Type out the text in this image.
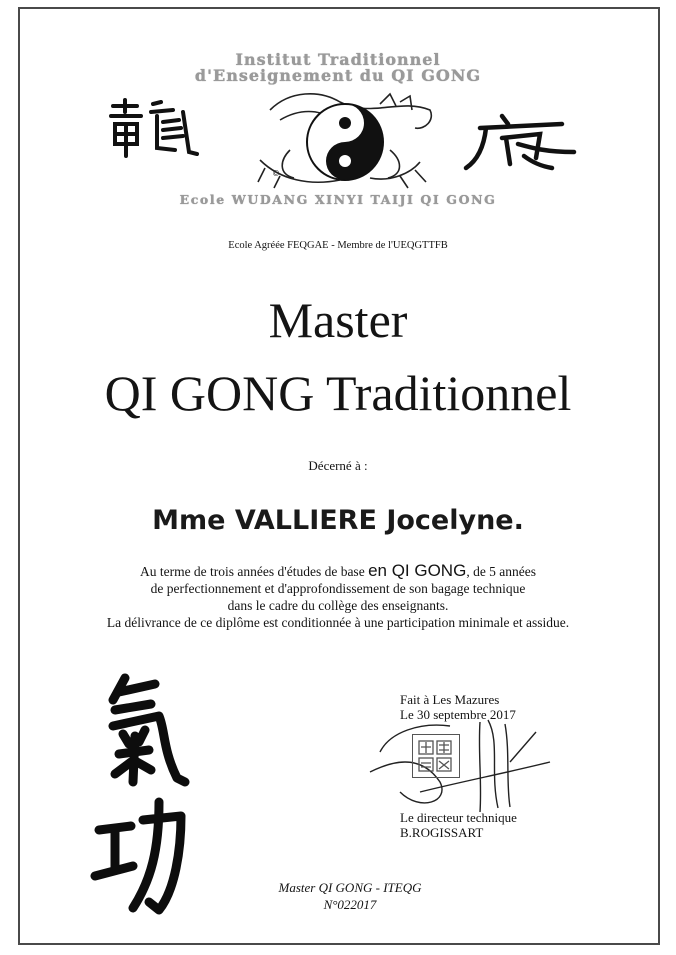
Institut Traditionnel
d'Enseignement du QI GONG
©
Ecole WUDANG XINYI TAIJI QI GONG
Ecole Agréée FEQGAE - Membre de l'UEQGTTFB
Master
QI GONG Traditionnel
Décerné à :
Mme VALLIERE Jocelyne.
Au terme de trois années d'études de base en QI GONG, de 5 années
de perfectionnement et d'approfondissement de son bagage technique
dans le cadre du collège des enseignants.
La délivrance de ce diplôme est conditionnée à une participation minimale et assidue.
Fait à Les Mazures
Le 30 septembre 2017
Le directeur technique
B.ROGISSART
Master QI GONG - ITEQG
N°022017
